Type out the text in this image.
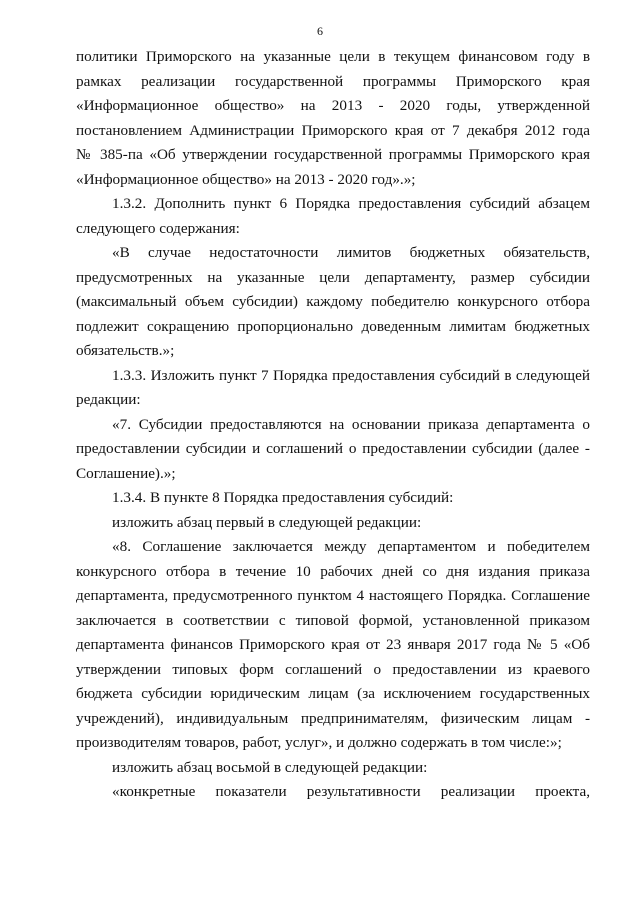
6
политики Приморского на указанные цели в текущем финансовом году в
рамках реализации государственной программы Приморского края
«Информационное общество» на 2013 - 2020 годы, утвержденной
постановлением Администрации Приморского края от 7 декабря 2012 года
№ 385-па «Об утверждении государственной программы Приморского края
«Информационное общество» на 2013 - 2020 год».»;
1.3.2. Дополнить пункт 6 Порядка предоставления субсидий абзацем
следующего содержания:
«В случае недостаточности лимитов бюджетных обязательств,
предусмотренных на указанные цели департаменту, размер субсидии
(максимальный объем субсидии) каждому победителю конкурсного отбора
подлежит сокращению пропорционально доведенным лимитам бюджетных
обязательств.»;
1.3.3. Изложить пункт 7 Порядка предоставления субсидий в следующей
редакции:
«7. Субсидии предоставляются на основании приказа департамента о
предоставлении субсидии и соглашений о предоставлении субсидии (далее -
Соглашение).»;
1.3.4. В пункте 8 Порядка предоставления субсидий:
изложить абзац первый в следующей редакции:
«8. Соглашение заключается между департаментом и победителем
конкурсного отбора в течение 10 рабочих дней со дня издания приказа
департамента, предусмотренного пунктом 4 настоящего Порядка. Соглашение
заключается в соответствии с типовой формой, установленной приказом
департамента финансов Приморского края от 23 января 2017 года № 5 «Об
утверждении типовых форм соглашений о предоставлении из краевого
бюджета субсидии юридическим лицам (за исключением государственных
учреждений), индивидуальным предпринимателям, физическим лицам -
производителям товаров, работ, услуг», и должно содержать в том числе:»;
изложить абзац восьмой в следующей редакции:
«конкретные показатели результативности реализации проекта,
